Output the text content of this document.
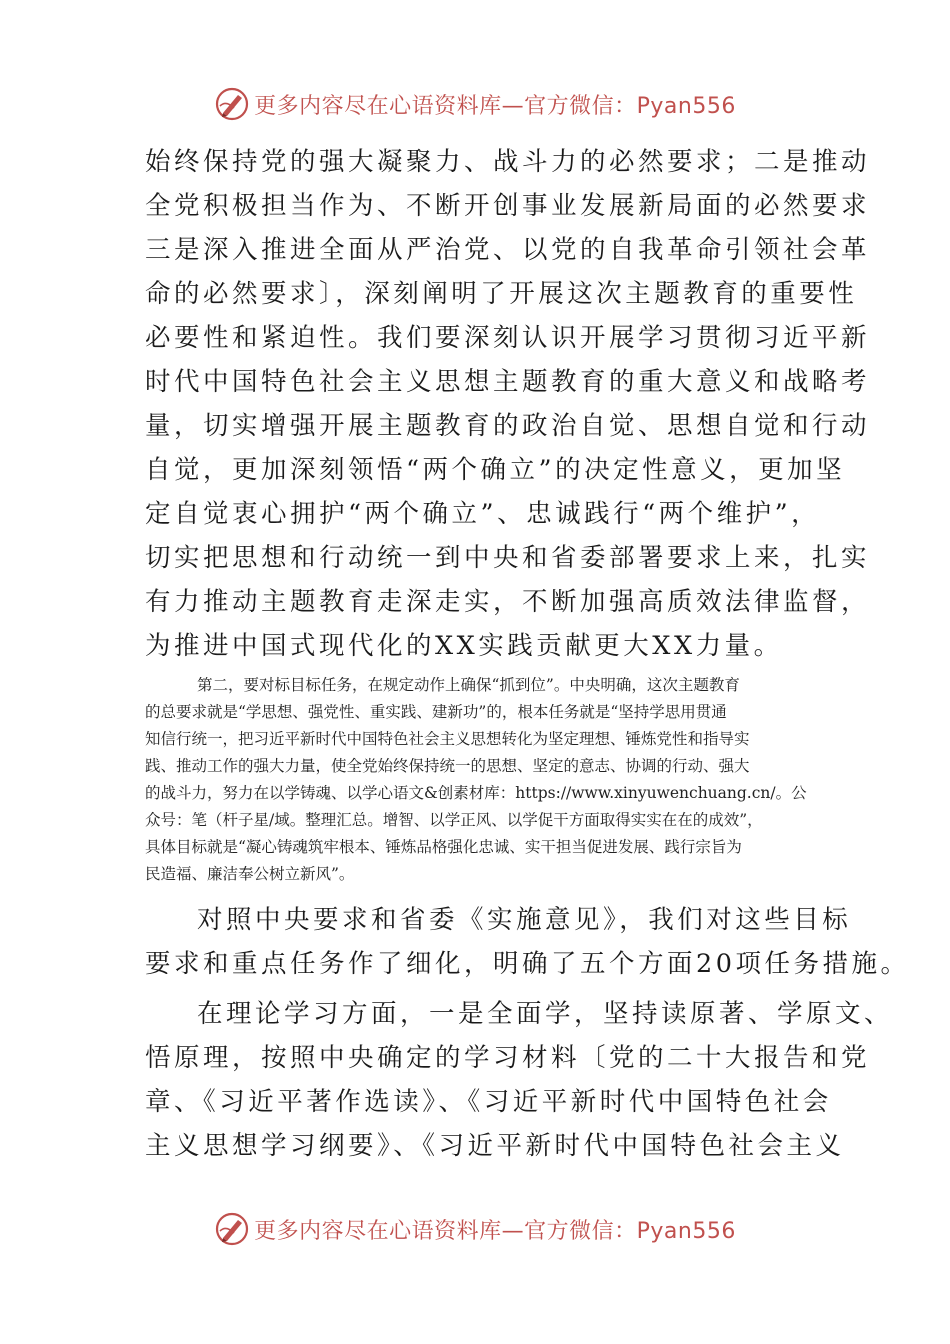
更多内容尽在心语资料库—官方微信：Pyan556
始终保持党的强大凝聚力、战斗力的必然要求；二是推动
全党积极担当作为、不断开创事业发展新局面的必然要求
三是深入推进全面从严治党、以党的自我革命引领社会革
命的必然要求〕，深刻阐明了开展这次主题教育的重要性
必要性和紧迫性。我们要深刻认识开展学习贯彻习近平新
时代中国特色社会主义思想主题教育的重大意义和战略考
量，切实增强开展主题教育的政治自觉、思想自觉和行动
自觉，更加深刻领悟“两个确立”的决定性意义，更加坚
定自觉衷心拥护“两个确立”、忠诚践行“两个维护”，
切实把思想和行动统一到中央和省委部署要求上来，扎实
有力推动主题教育走深走实，不断加强高质效法律监督，
为推进中国式现代化的XX实践贡献更大XX力量。
第二，要对标目标任务，在规定动作上确保“抓到位”。中央明确，这次主题教育
的总要求就是“学思想、强党性、重实践、建新功”的，根本任务就是“坚持学思用贯通
知信行统一，把习近平新时代中国特色社会主义思想转化为坚定理想、锤炼党性和指导实
践、推动工作的强大力量，使全党始终保持统一的思想、坚定的意志、协调的行动、强大
的战斗力，努力在以学铸魂、以学心语文&创素材库：https://www.xinyuwenchuang.cn/。公
众号：笔（杆子星/域。整理汇总。增智、以学正风、以学促干方面取得实实在在的成效”，
具体目标就是“凝心铸魂筑牢根本、锤炼品格强化忠诚、实干担当促进发展、践行宗旨为
民造福、廉洁奉公树立新风”。
对照中央要求和省委《实施意见》，我们对这些目标
要求和重点任务作了细化，明确了五个方面20项任务措施。
在理论学习方面，一是全面学，坚持读原著、学原文、
悟原理，按照中央确定的学习材料〔党的二十大报告和党
章、《习近平著作选读》、《习近平新时代中国特色社会
主义思想学习纲要》、《习近平新时代中国特色社会主义
更多内容尽在心语资料库—官方微信：Pyan556
